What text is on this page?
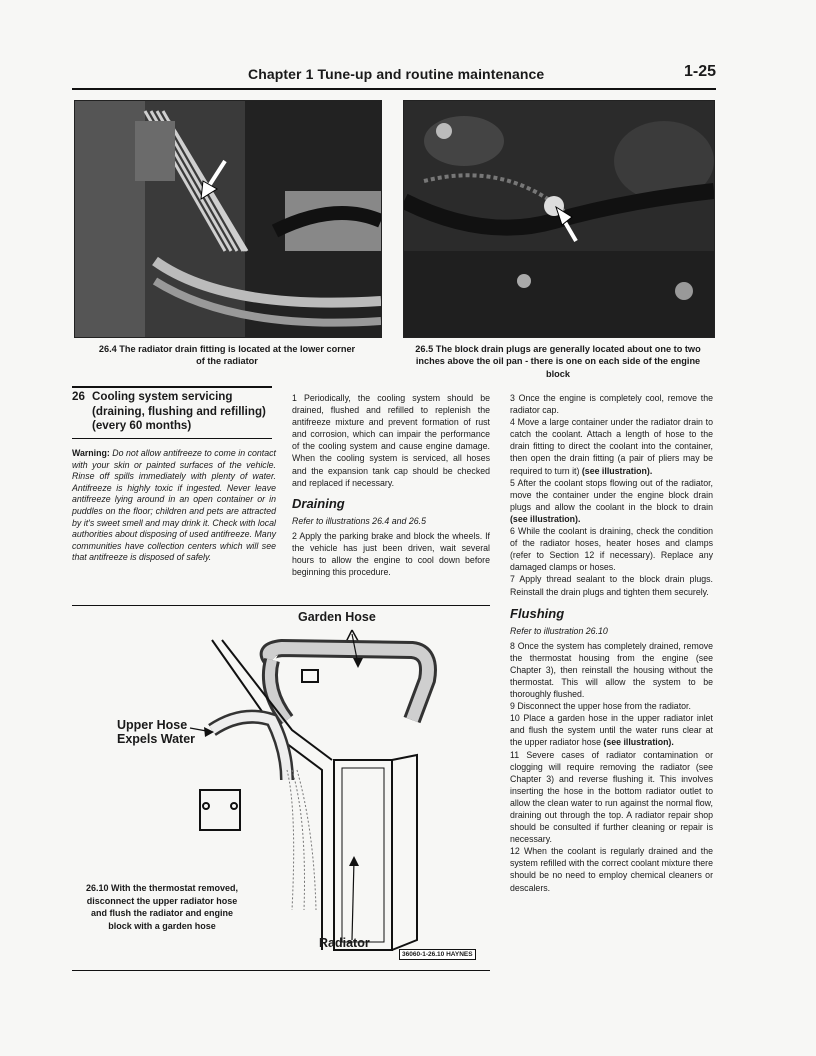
Chapter 1 Tune-up and routine maintenance	1-25
26.4 The radiator drain fitting is located at the lower corner of the radiator
26.5 The block drain plugs are generally located about one to two inches above the oil pan - there is one on each side of the engine block
26 Cooling system servicing (draining, flushing and refilling) (every 60 months)
Warning: Do not allow antifreeze to come in contact with your skin or painted surfaces of the vehicle. Rinse off spills immediately with plenty of water. Antifreeze is highly toxic if ingested. Never leave antifreeze lying around in an open container or in puddles on the floor; children and pets are attracted by it's sweet smell and may drink it. Check with local authorities about disposing of used antifreeze. Many communities have collection centers which will see that antifreeze is disposed of safely.

1 Periodically, the cooling system should be drained, flushed and refilled to replenish the antifreeze mixture and prevent formation of rust and corrosion, which can impair the performance of the cooling system and cause engine damage. When the cooling system is serviced, all hoses and the expansion tank cap should be checked and replaced if necessary.

Draining

Refer to illustrations 26.4 and 26.5

2 Apply the parking brake and block the wheels. If the vehicle has just been driven, wait several hours to allow the engine to cool down before beginning this procedure.

3 Once the engine is completely cool, remove the radiator cap.

4 Move a large container under the radiator drain to catch the coolant. Attach a length of hose to the drain fitting to direct the coolant into the container, then open the drain fitting (a pair of pliers may be required to turn it) (see illustration).

5 After the coolant stops flowing out of the radiator, move the container under the engine block drain plugs and allow the coolant in the block to drain (see illustration).

6 While the coolant is draining, check the condition of the radiator hoses, heater hoses and clamps (refer to Section 12 if necessary). Replace any damaged clamps or hoses.

7 Apply thread sealant to the block drain plugs. Reinstall the drain plugs and tighten them securely.

Flushing

Refer to illustration 26.10

8 Once the system has completely drained, remove the thermostat housing from the engine (see Chapter 3), then reinstall the housing without the thermostat. This will allow the system to be thoroughly flushed.

9 Disconnect the upper hose from the radiator.

10 Place a garden hose in the upper radiator inlet and flush the system until the water runs clear at the upper radiator hose (see illustration).

11 Severe cases of radiator contamination or clogging will require removing the radiator (see Chapter 3) and reverse flushing it. This involves inserting the hose in the bottom radiator outlet to allow the clean water to run against the normal flow, draining out through the top. A radiator repair shop should be consulted if further cleaning or repair is necessary.

12 When the coolant is regularly drained and the system refilled with the correct coolant mixture there should be no need to employ chemical cleaners or descalers.

Garden Hose
Upper Hose
Expels Water
Radiator
26.10 With the thermostat removed, disconnect the upper radiator hose and flush the radiator and engine block with a garden hose
36060-1-26.10 HAYNES
